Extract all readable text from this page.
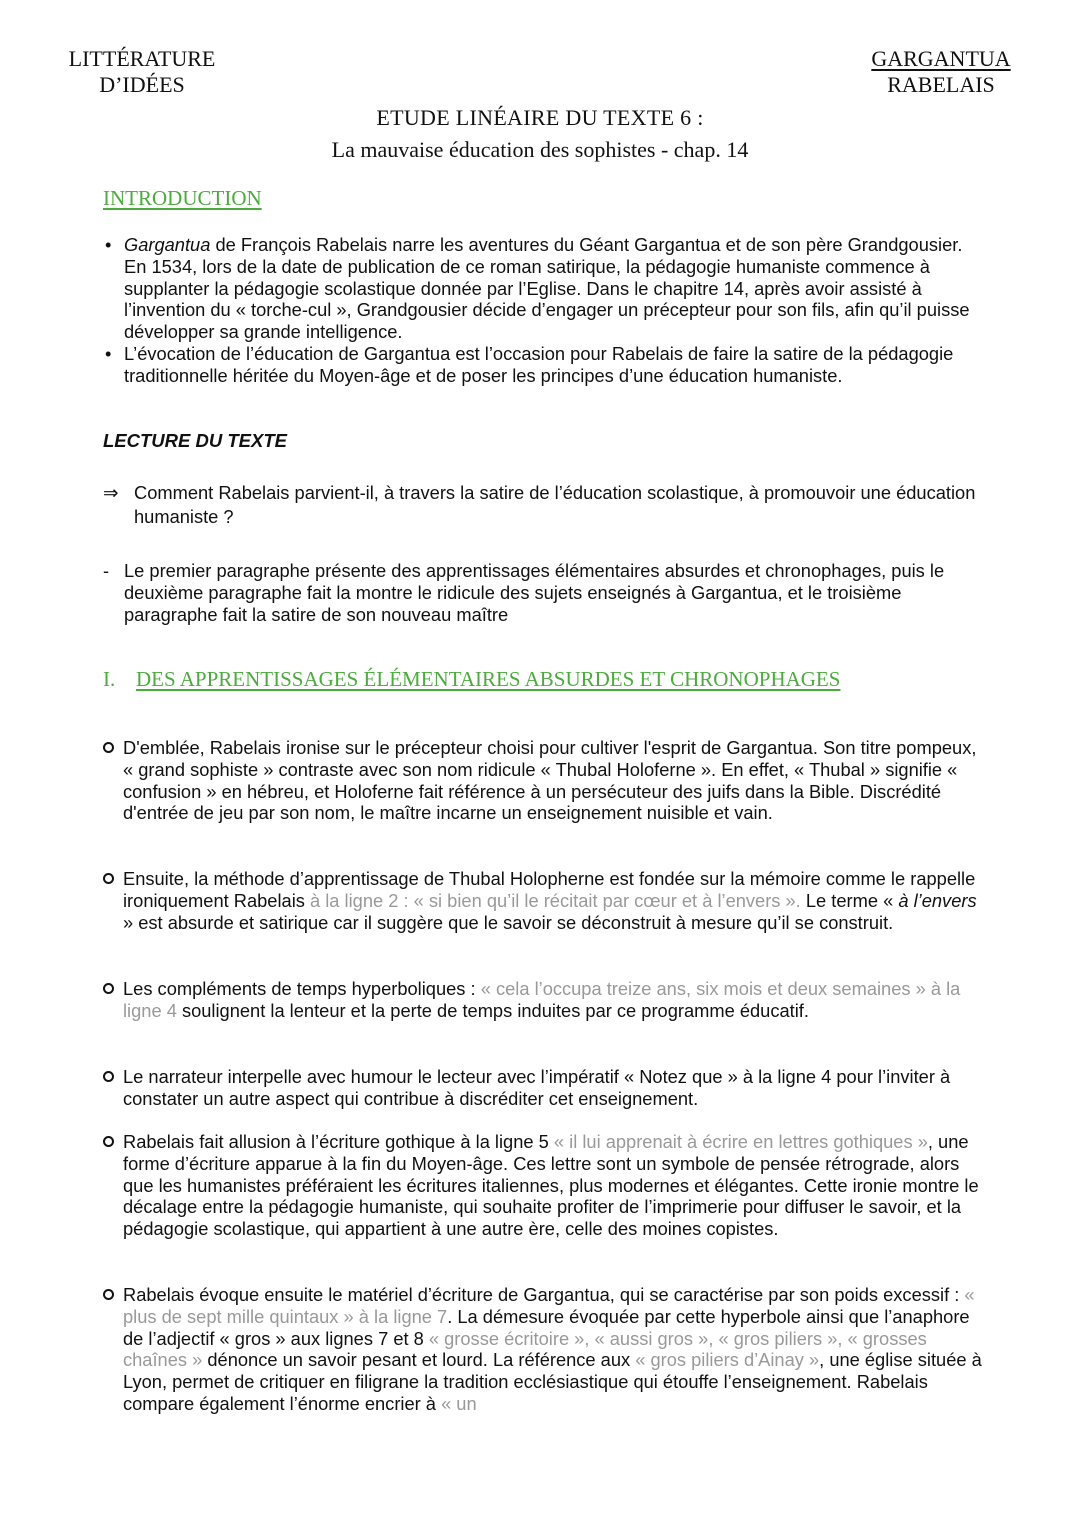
LITTÉRATURE
D’IDÉES
GARGANTUA
RABELAIS
ETUDE LINÉAIRE DU TEXTE 6 :
La mauvaise éducation des sophistes - chap. 14
INTRODUCTION
• Gargantua de François Rabelais narre les aventures du Géant Gargantua et de son père Grandgousier. En 1534, lors de la date de publication de ce roman satirique, la pédagogie humaniste commence à supplanter la pédagogie scolastique donnée par l’Eglise. Dans le chapitre 14, après avoir assisté à l’invention du « torche-cul », Grandgousier décide d’engager un précepteur pour son fils, afin qu’il puisse développer sa grande intelligence.
• L’évocation de l’éducation de Gargantua est l’occasion pour Rabelais de faire la satire de la pédagogie traditionnelle héritée du Moyen-âge et de poser les principes d’une éducation humaniste.
LECTURE DU TEXTE
⇒ Comment Rabelais parvient-il, à travers la satire de l’éducation scolastique, à promouvoir une éducation humaniste ?
- Le premier paragraphe présente des apprentissages élémentaires absurdes et chronophages, puis le deuxième paragraphe fait la montre le ridicule des sujets enseignés à Gargantua, et le troisième paragraphe fait la satire de son nouveau maître
I. DES APPRENTISSAGES ÉLÉMENTAIRES ABSURDES ET CHRONOPHAGES
D'emblée, Rabelais ironise sur le précepteur choisi pour cultiver l'esprit de Gargantua. Son titre pompeux, « grand sophiste » contraste avec son nom ridicule « Thubal Holoferne ». En effet, « Thubal » signifie « confusion » en hébreu, et Holoferne fait référence à un persécuteur des juifs dans la Bible. Discrédité d'entrée de jeu par son nom, le maître incarne un enseignement nuisible et vain.
Ensuite, la méthode d’apprentissage de Thubal Holopherne est fondée sur la mémoire comme le rappelle ironiquement Rabelais à la ligne 2 : « si bien qu’il le récitait par cœur et à l’envers ». Le terme « à l’envers » est absurde et satirique car il suggère que le savoir se déconstruit à mesure qu’il se construit.
Les compléments de temps hyperboliques : « cela l’occupa treize ans, six mois et deux semaines » à la ligne 4 soulignent la lenteur et la perte de temps induites par ce programme éducatif.
Le narrateur interpelle avec humour le lecteur avec l’impératif « Notez que » à la ligne 4 pour l’inviter à constater un autre aspect qui contribue à discréditer cet enseignement.
Rabelais fait allusion à l’écriture gothique à la ligne 5 « il lui apprenait à écrire en lettres gothiques », une forme d’écriture apparue à la fin du Moyen-âge. Ces lettre sont un symbole de pensée rétrograde, alors que les humanistes préféraient les écritures italiennes, plus modernes et élégantes. Cette ironie montre le décalage entre la pédagogie humaniste, qui souhaite profiter de l’imprimerie pour diffuser le savoir, et la pédagogie scolastique, qui appartient à une autre ère, celle des moines copistes.
Rabelais évoque ensuite le matériel d’écriture de Gargantua, qui se caractérise par son poids excessif : « plus de sept mille quintaux » à la ligne 7. La démesure évoquée par cette hyperbole ainsi que l’anaphore de l’adjectif « gros » aux lignes 7 et 8 « grosse écritoire », « aussi gros », « gros piliers », « grosses chaînes » dénonce un savoir pesant et lourd. La référence aux « gros piliers d’Ainay », une église située à Lyon, permet de critiquer en filigrane la tradition ecclésiastique qui étouffe l’enseignement. Rabelais compare également l’énorme encrier à « un
